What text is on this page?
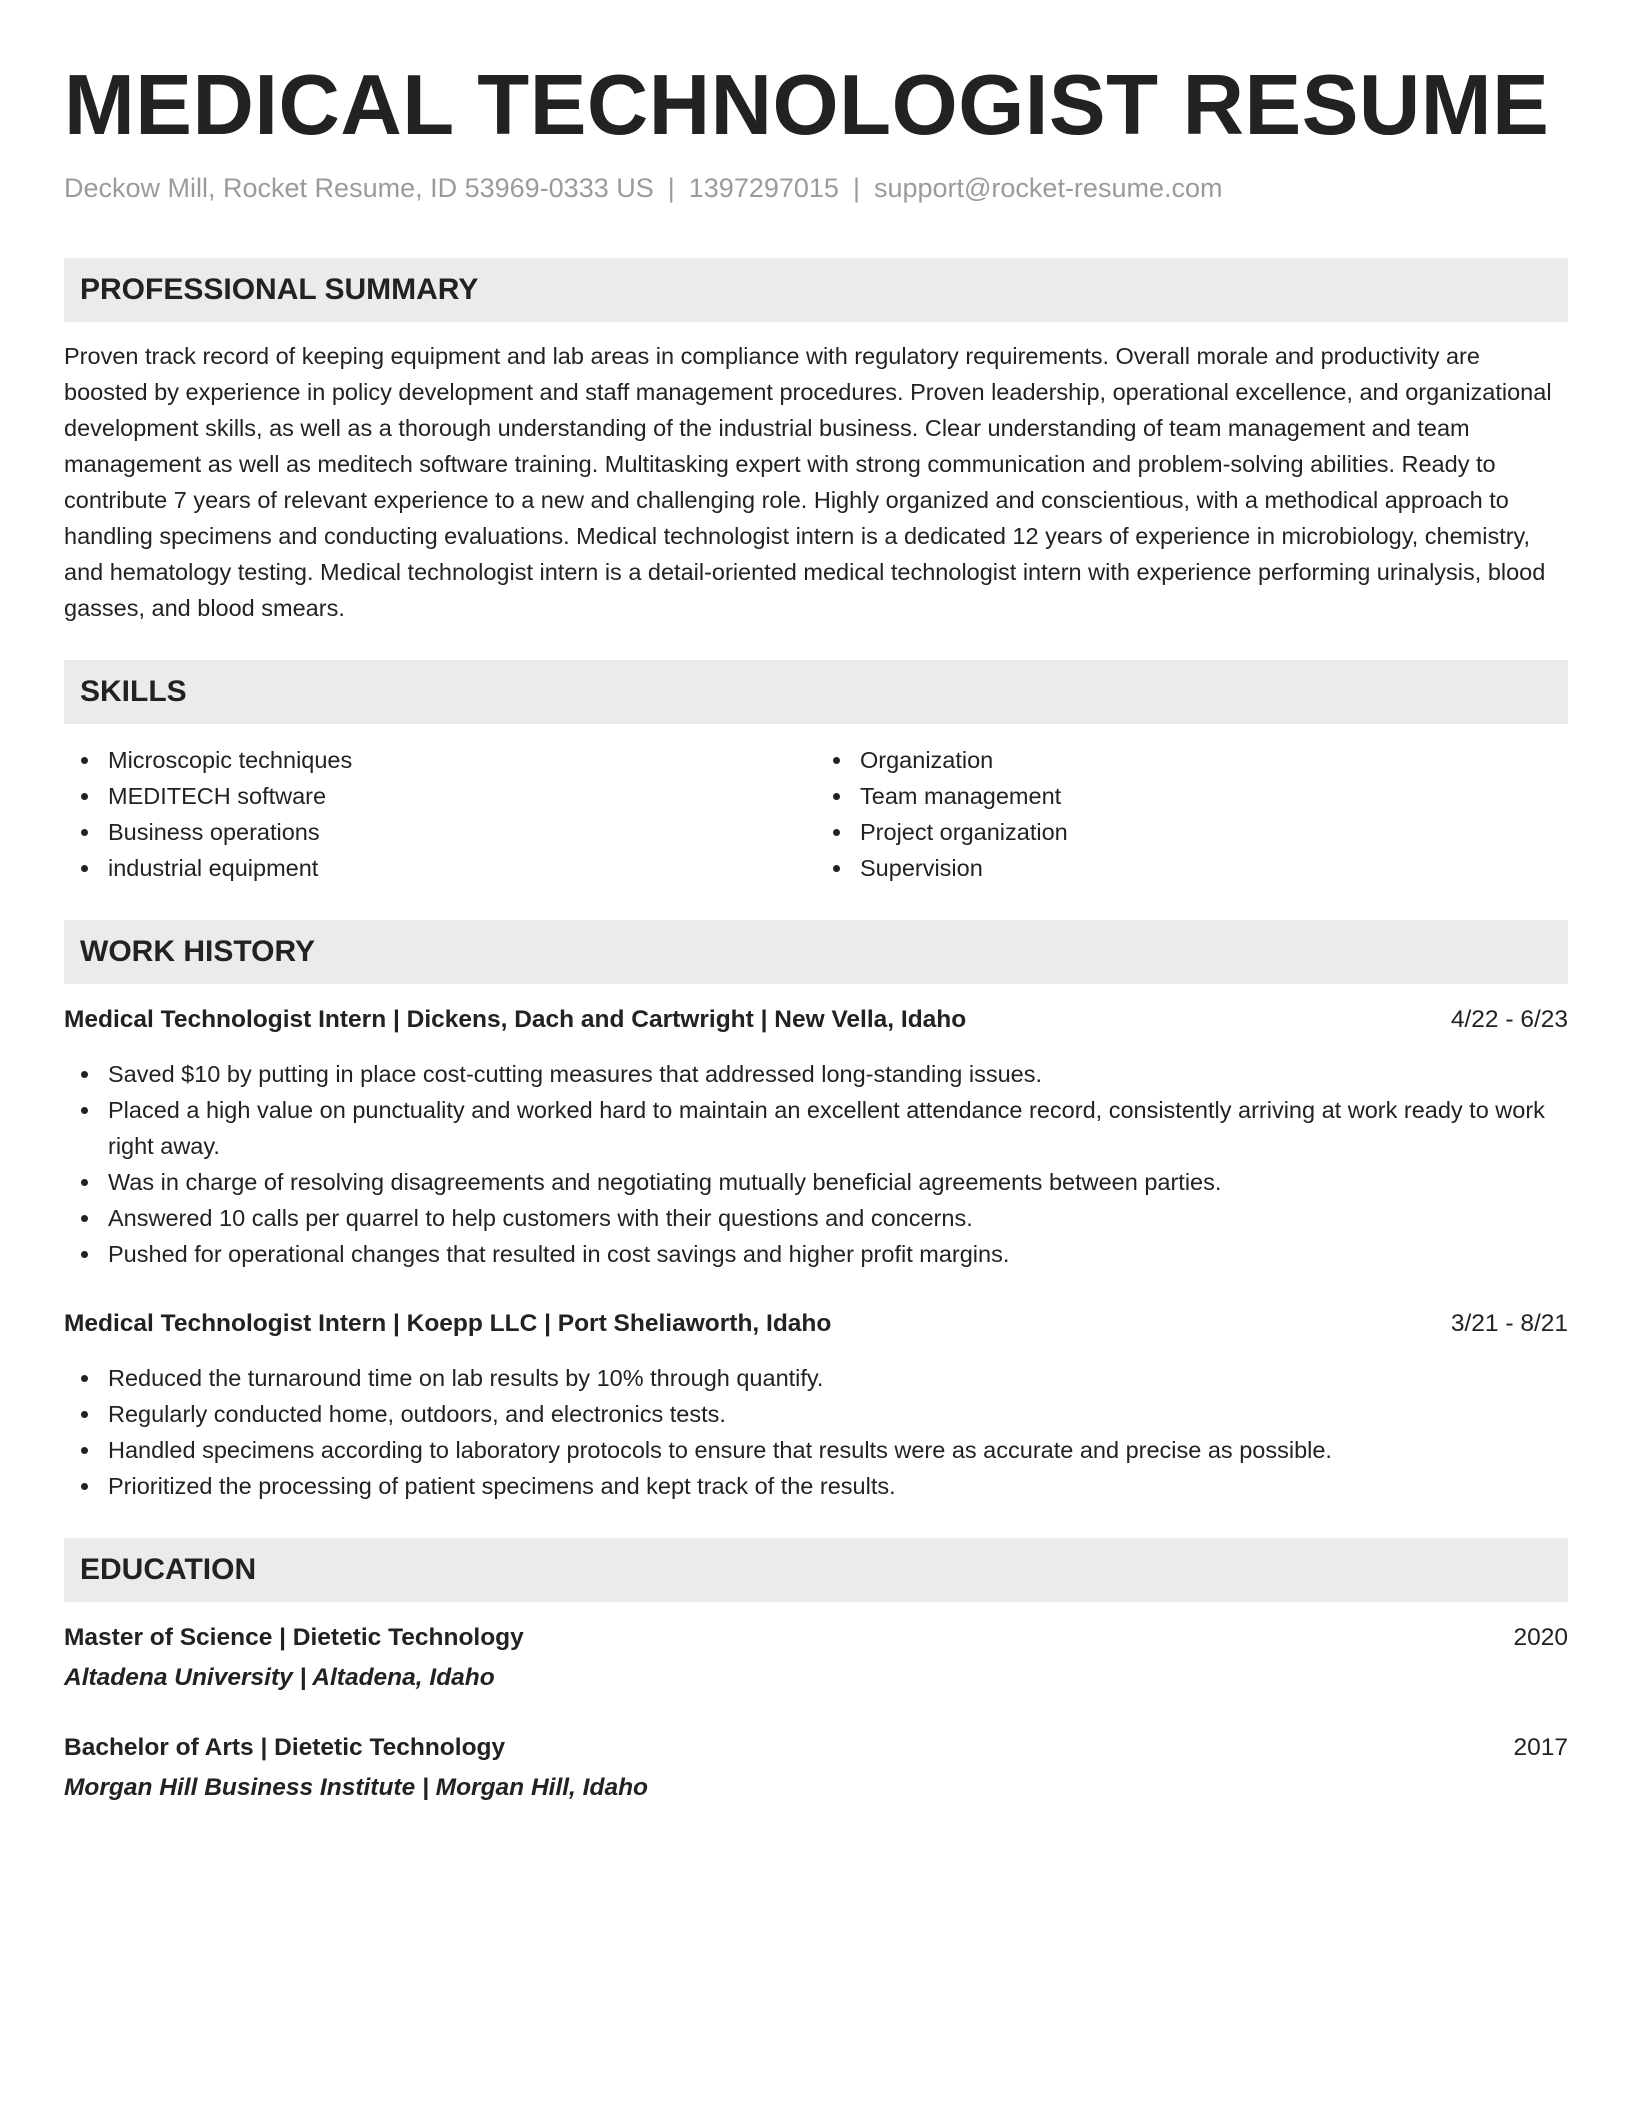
MEDICAL TECHNOLOGIST RESUME
Deckow Mill, Rocket Resume, ID 53969-0333 US | 1397297015 | support@rocket-resume.com
PROFESSIONAL SUMMARY
Proven track record of keeping equipment and lab areas in compliance with regulatory requirements. Overall morale and productivity are boosted by experience in policy development and staff management procedures. Proven leadership, operational excellence, and organizational development skills, as well as a thorough understanding of the industrial business. Clear understanding of team management and team management as well as meditech software training. Multitasking expert with strong communication and problem-solving abilities. Ready to contribute 7 years of relevant experience to a new and challenging role. Highly organized and conscientious, with a methodical approach to handling specimens and conducting evaluations. Medical technologist intern is a dedicated 12 years of experience in microbiology, chemistry, and hematology testing. Medical technologist intern is a detail-oriented medical technologist intern with experience performing urinalysis, blood gasses, and blood smears.
SKILLS
Microscopic techniques
MEDITECH software
Business operations
industrial equipment
Organization
Team management
Project organization
Supervision
WORK HISTORY
Medical Technologist Intern | Dickens, Dach and Cartwright | New Vella, Idaho	4/22 - 6/23
Saved $10 by putting in place cost-cutting measures that addressed long-standing issues.
Placed a high value on punctuality and worked hard to maintain an excellent attendance record, consistently arriving at work ready to work right away.
Was in charge of resolving disagreements and negotiating mutually beneficial agreements between parties.
Answered 10 calls per quarrel to help customers with their questions and concerns.
Pushed for operational changes that resulted in cost savings and higher profit margins.
Medical Technologist Intern | Koepp LLC | Port Sheliaworth, Idaho	3/21 - 8/21
Reduced the turnaround time on lab results by 10% through quantify.
Regularly conducted home, outdoors, and electronics tests.
Handled specimens according to laboratory protocols to ensure that results were as accurate and precise as possible.
Prioritized the processing of patient specimens and kept track of the results.
EDUCATION
Master of Science | Dietetic Technology	2020
Altadena University | Altadena, Idaho
Bachelor of Arts | Dietetic Technology	2017
Morgan Hill Business Institute | Morgan Hill, Idaho
